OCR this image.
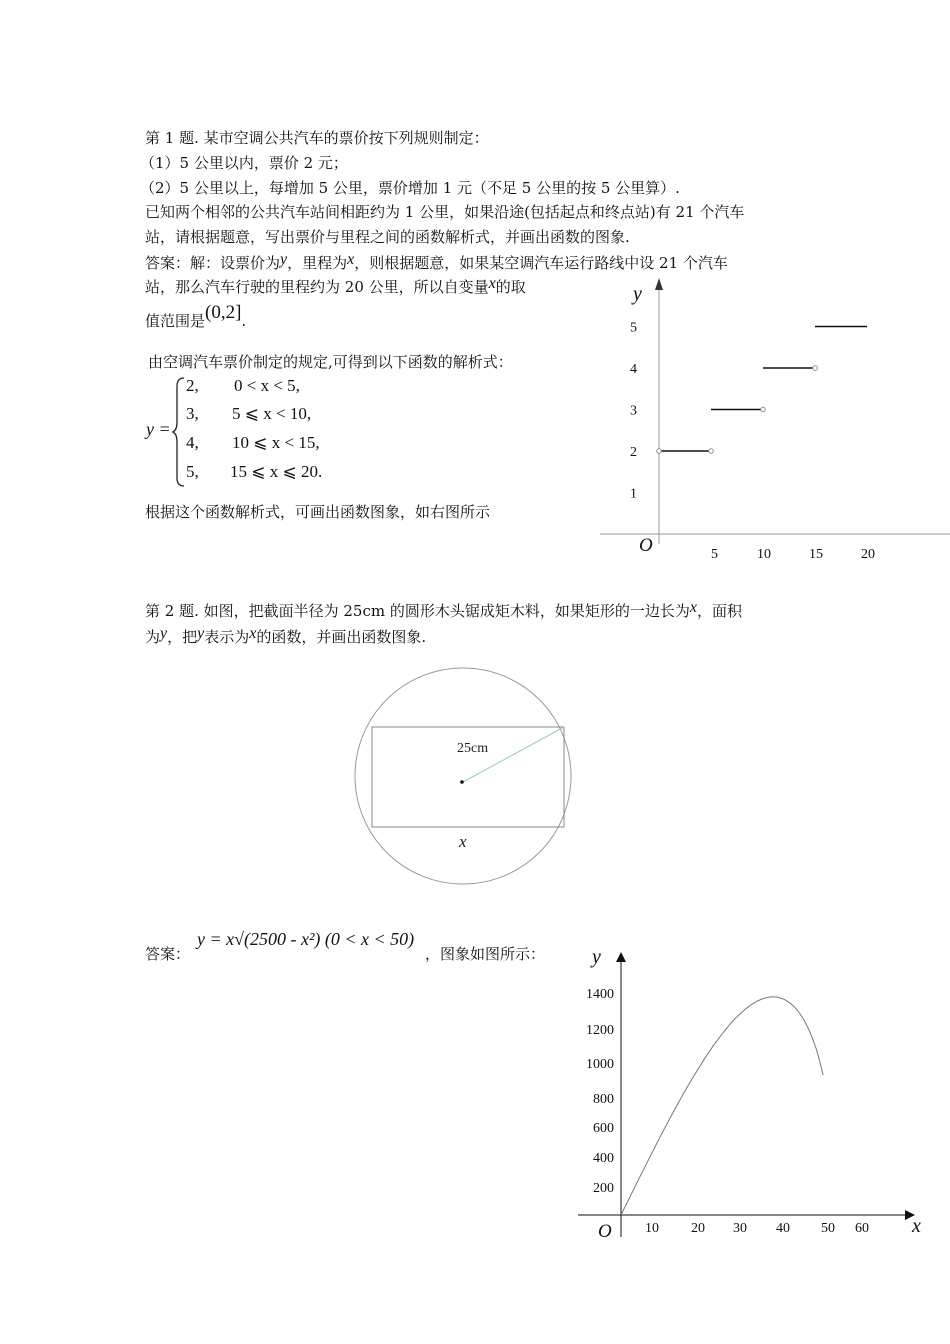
第 1 题. 某市空调公共汽车的票价按下列规则制定：
（1）5 公里以内，票价 2 元；
（2）5 公里以上，每增加 5 公里，票价增加 1 元（不足 5 公里的按 5 公里算）.
已知两个相邻的公共汽车站间相距约为 1 公里，如果沿途(包括起点和终点站)有 21 个汽车
站，请根据题意，写出票价与里程之间的函数解析式，并画出函数的图象.
答案：解：设票价为y，里程为x，则根据题意，如果某空调汽车运行路线中设 21 个汽车
站，那么汽车行驶的里程约为 20 公里，所以自变量x的取
值范围是(0,2].
由空调汽车票价制定的规定,可得到以下函数的解析式：
y =
2, 0 < x < 5,
3, 5 ⩽ x < 10,
4, 10 ⩽ x < 15,
5, 15 ⩽ x ⩽ 20.
根据这个函数解析式，可画出函数图象，如右图所示
y
O
1
2
3
4
5
5	10	15	20
第 2 题. 如图，把截面半径为 25cm 的圆形木头锯成矩木料，如果矩形的一边长为x，面积
为y，把y表示为x的函数，并画出函数图象.
25cm
x
答案：
y = x√(2500 - x²) (0 < x < 50)
，图象如图所示： y
x
O
200
400
600
800
1000
1200
1400
10 20 30 40 50 60
